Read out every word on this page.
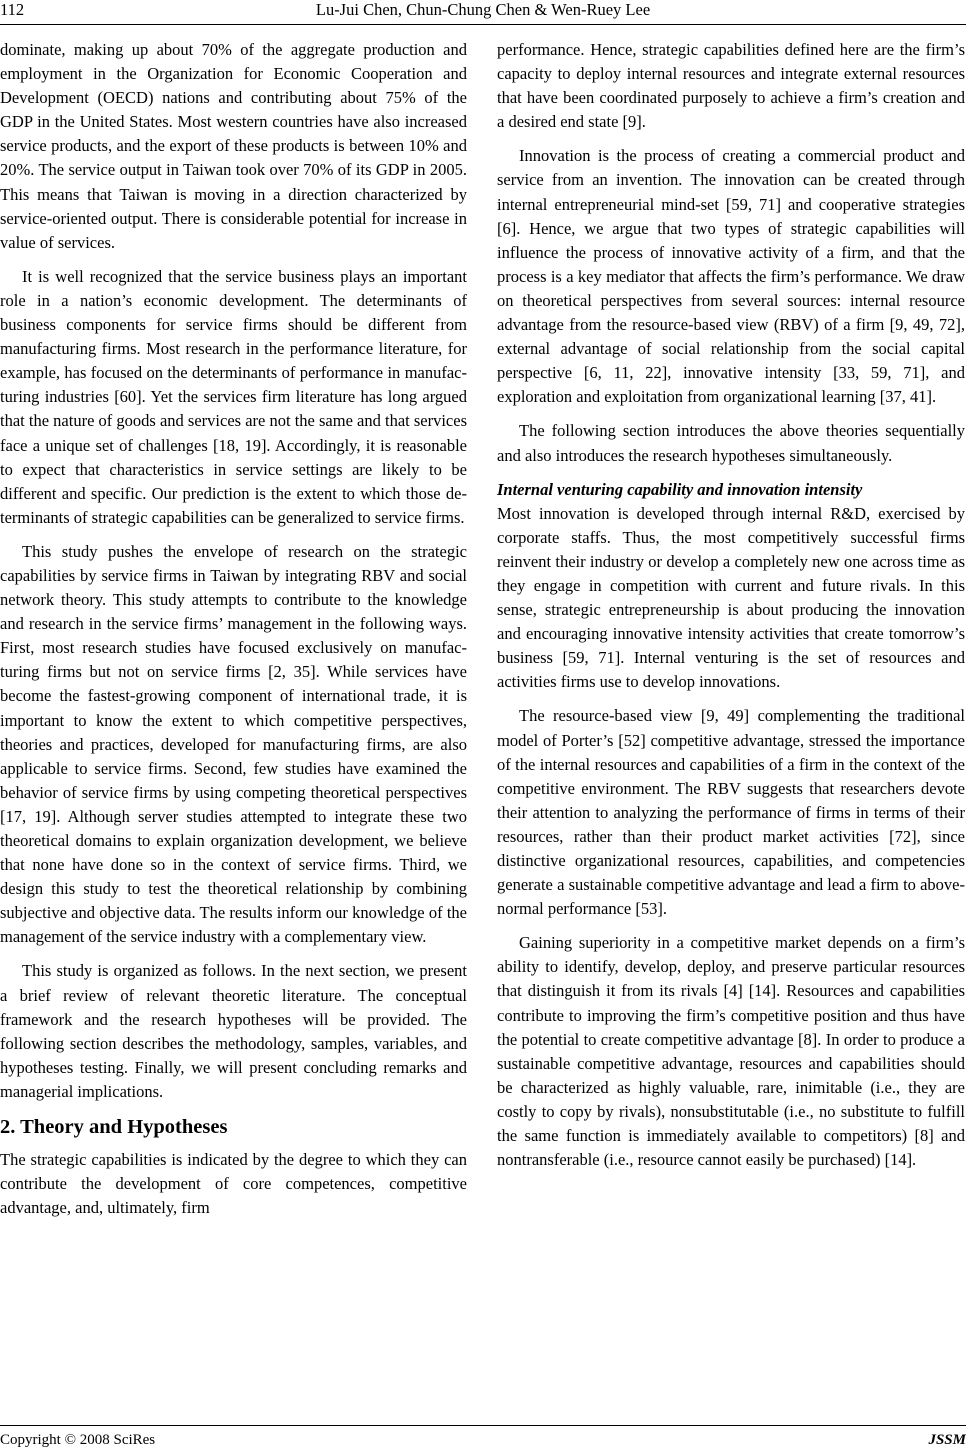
112	Lu-Jui Chen, Chun-Chung Chen & Wen-Ruey Lee

dominate, making up about 70% of the aggregate production and employment in the Organization for Economic Cooperation and Development (OECD) nations and contributing about 75% of the GDP in the United States. Most western countries have also increased service products, and the export of these products is between 10% and 20%. The service output in Taiwan took over 70% of its GDP in 2005. This means that Taiwan is moving in a direction characterized by service-oriented output. There is considerable potential for increase in value of services.

It is well recognized that the service business plays an important role in a nation’s economic development. The determinants of business components for service firms should be different from manufacturing firms. Most research in the performance literature, for example, has focused on the determinants of performance in manufacturing industries [60]. Yet the services firm literature has long argued that the nature of goods and services are not the same and that services face a unique set of challenges [18, 19]. Accordingly, it is reasonable to expect that characteristics in service settings are likely to be different and specific. Our prediction is the extent to which those determinants of strategic capabilities can be generalized to service firms.

This study pushes the envelope of research on the strategic capabilities by service firms in Taiwan by integrating RBV and social network theory. This study attempts to contribute to the knowledge and research in the service firms’ management in the following ways. First, most research studies have focused exclusively on manufacturing firms but not on service firms [2, 35]. While services have become the fastest-growing component of international trade, it is important to know the extent to which competitive perspectives, theories and practices, developed for manufacturing firms, are also applicable to service firms. Second, few studies have examined the behavior of service firms by using competing theoretical perspectives [17, 19]. Although server studies attempted to integrate these two theoretical domains to explain organization development, we believe that none have done so in the context of service firms. Third, we design this study to test the theoretical relationship by combining subjective and objective data. The results inform our knowledge of the management of the service industry with a complementary view.

This study is organized as follows. In the next section, we present a brief review of relevant theoretic literature. The conceptual framework and the research hypotheses will be provided. The following section describes the methodology, samples, variables, and hypotheses testing. Finally, we will present concluding remarks and managerial implications.

2. Theory and Hypotheses

The strategic capabilities is indicated by the degree to which they can contribute the development of core competences, competitive advantage, and, ultimately, firm

performance. Hence, strategic capabilities defined here are the firm’s capacity to deploy internal resources and integrate external resources that have been coordinated purposely to achieve a firm’s creation and a desired end state [9].

Innovation is the process of creating a commercial product and service from an invention. The innovation can be created through internal entrepreneurial mind-set [59, 71] and cooperative strategies [6]. Hence, we argue that two types of strategic capabilities will influence the process of innovative activity of a firm, and that the process is a key mediator that affects the firm’s performance. We draw on theoretical perspectives from several sources: internal resource advantage from the resource-based view (RBV) of a firm [9, 49, 72], external advantage of social relationship from the social capital perspective [6, 11, 22], innovative intensity [33, 59, 71], and exploration and exploitation from organizational learning [37, 41].

The following section introduces the above theories sequentially and also introduces the research hypotheses simultaneously.

Internal venturing capability and innovation intensity

Most innovation is developed through internal R&D, exercised by corporate staffs. Thus, the most competitively successful firms reinvent their industry or develop a completely new one across time as they engage in competition with current and future rivals. In this sense, strategic entrepreneurship is about producing the innovation and encouraging innovative intensity activities that create tomorrow’s business [59, 71]. Internal venturing is the set of resources and activities firms use to develop innovations.

The resource-based view [9, 49] complementing the traditional model of Porter’s [52] competitive advantage, stressed the importance of the internal resources and capabilities of a firm in the context of the competitive environment. The RBV suggests that researchers devote their attention to analyzing the performance of firms in terms of their resources, rather than their product market activities [72], since distinctive organizational resources, capabilities, and competencies generate a sustainable competitive advantage and lead a firm to above-normal performance [53].

Gaining superiority in a competitive market depends on a firm’s ability to identify, develop, deploy, and preserve particular resources that distinguish it from its rivals [4] [14]. Resources and capabilities contribute to improving the firm’s competitive position and thus have the potential to create competitive advantage [8]. In order to produce a sustainable competitive advantage, resources and capabilities should be characterized as highly valuable, rare, inimitable (i.e., they are costly to copy by rivals), nonsubstitutable (i.e., no substitute to fulfill the same function is immediately available to competitors) [8] and nontransferable (i.e., resource cannot easily be purchased) [14].

Copyright © 2008 SciRes	JSSM
